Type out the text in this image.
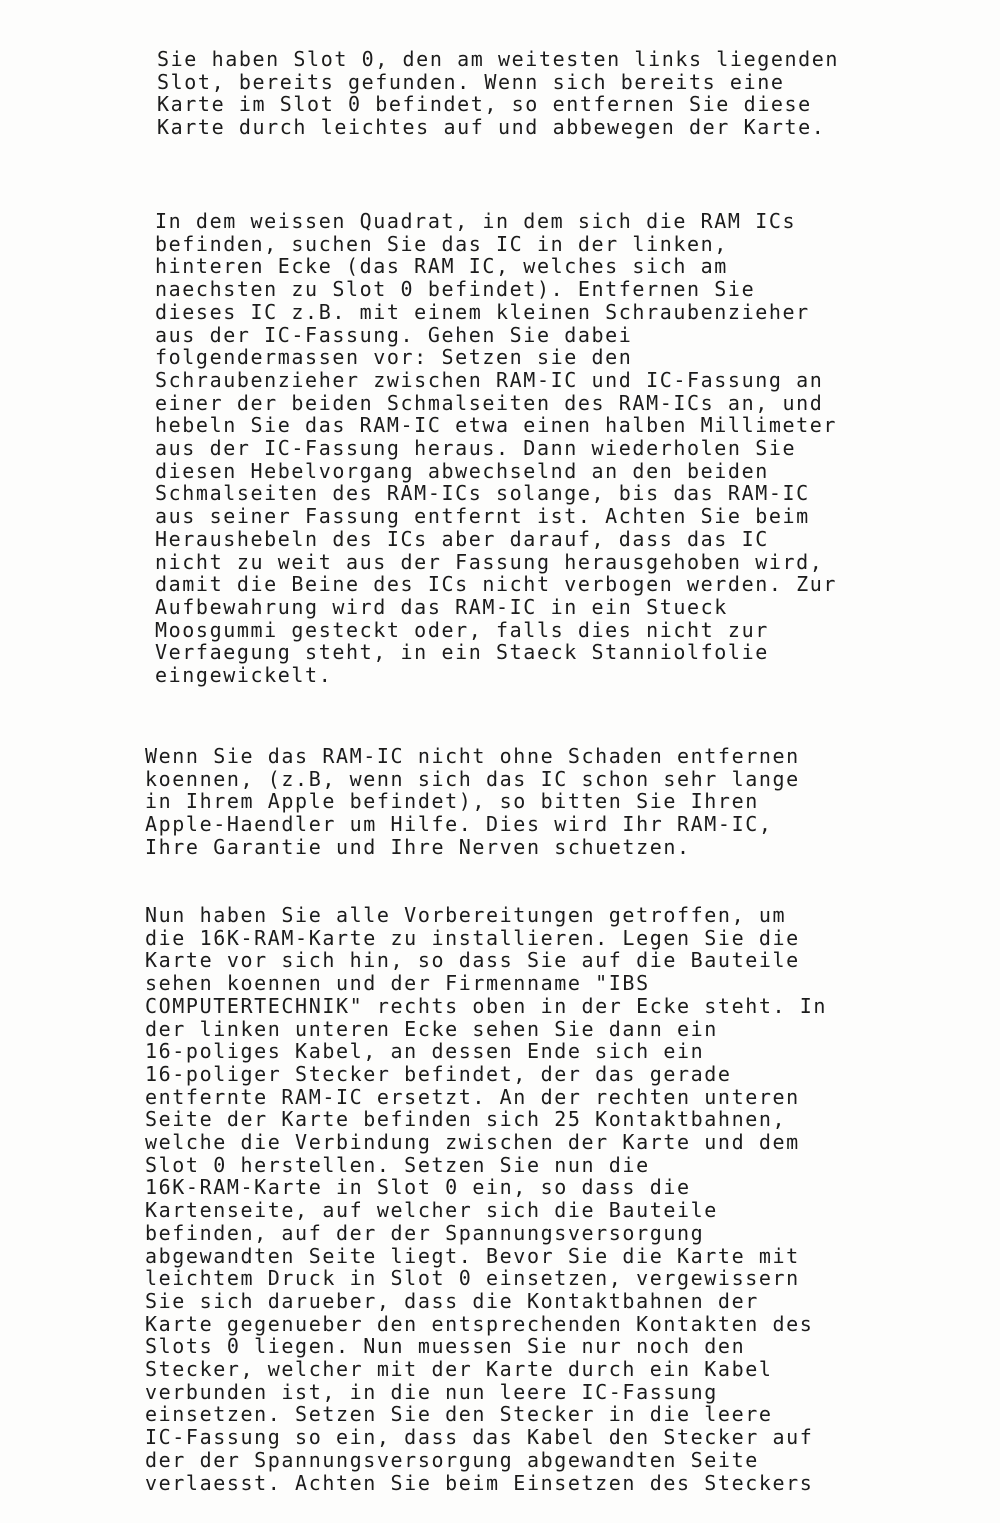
Sie haben Slot 0, den am weitesten links liegenden
Slot, bereits gefunden. Wenn sich bereits eine
Karte im Slot 0 befindet, so entfernen Sie diese
Karte durch leichtes auf und abbewegen der Karte.
In dem weissen Quadrat, in dem sich die RAM ICs
befinden, suchen Sie das IC in der linken,
hinteren Ecke (das RAM IC, welches sich am
naechsten zu Slot 0 befindet). Entfernen Sie
dieses IC z.B. mit einem kleinen Schraubenzieher
aus der IC-Fassung. Gehen Sie dabei
folgendermassen vor: Setzen sie den
Schraubenzieher zwischen RAM-IC und IC-Fassung an
einer der beiden Schmalseiten des RAM-ICs an, und
hebeln Sie das RAM-IC etwa einen halben Millimeter
aus der IC-Fassung heraus. Dann wiederholen Sie
diesen Hebelvorgang abwechselnd an den beiden
Schmalseiten des RAM-ICs solange, bis das RAM-IC
aus seiner Fassung entfernt ist. Achten Sie beim
Heraushebeln des ICs aber darauf, dass das IC
nicht zu weit aus der Fassung herausgehoben wird,
damit die Beine des ICs nicht verbogen werden. Zur
Aufbewahrung wird das RAM-IC in ein Stueck
Moosgummi gesteckt oder, falls dies nicht zur
Verfaegung steht, in ein Staeck Stanniolfolie
eingewickelt.
Wenn Sie das RAM-IC nicht ohne Schaden entfernen
koennen, (z.B, wenn sich das IC schon sehr lange
in Ihrem Apple befindet), so bitten Sie Ihren
Apple-Haendler um Hilfe. Dies wird Ihr RAM-IC,
Ihre Garantie und Ihre Nerven schuetzen.
Nun haben Sie alle Vorbereitungen getroffen, um
die 16K-RAM-Karte zu installieren. Legen Sie die
Karte vor sich hin, so dass Sie auf die Bauteile
sehen koennen und der Firmenname "IBS
COMPUTERTECHNIK" rechts oben in der Ecke steht. In
der linken unteren Ecke sehen Sie dann ein
16-poliges Kabel, an dessen Ende sich ein
16-poliger Stecker befindet, der das gerade
entfernte RAM-IC ersetzt. An der rechten unteren
Seite der Karte befinden sich 25 Kontaktbahnen,
welche die Verbindung zwischen der Karte und dem
Slot 0 herstellen. Setzen Sie nun die
16K-RAM-Karte in Slot 0 ein, so dass die
Kartenseite, auf welcher sich die Bauteile
befinden, auf der der Spannungsversorgung
abgewandten Seite liegt. Bevor Sie die Karte mit
leichtem Druck in Slot 0 einsetzen, vergewissern
Sie sich darueber, dass die Kontaktbahnen der
Karte gegenueber den entsprechenden Kontakten des
Slots 0 liegen. Nun muessen Sie nur noch den
Stecker, welcher mit der Karte durch ein Kabel
verbunden ist, in die nun leere IC-Fassung
einsetzen. Setzen Sie den Stecker in die leere
IC-Fassung so ein, dass das Kabel den Stecker auf
der der Spannungsversorgung abgewandten Seite
verlaesst. Achten Sie beim Einsetzen des Steckers
